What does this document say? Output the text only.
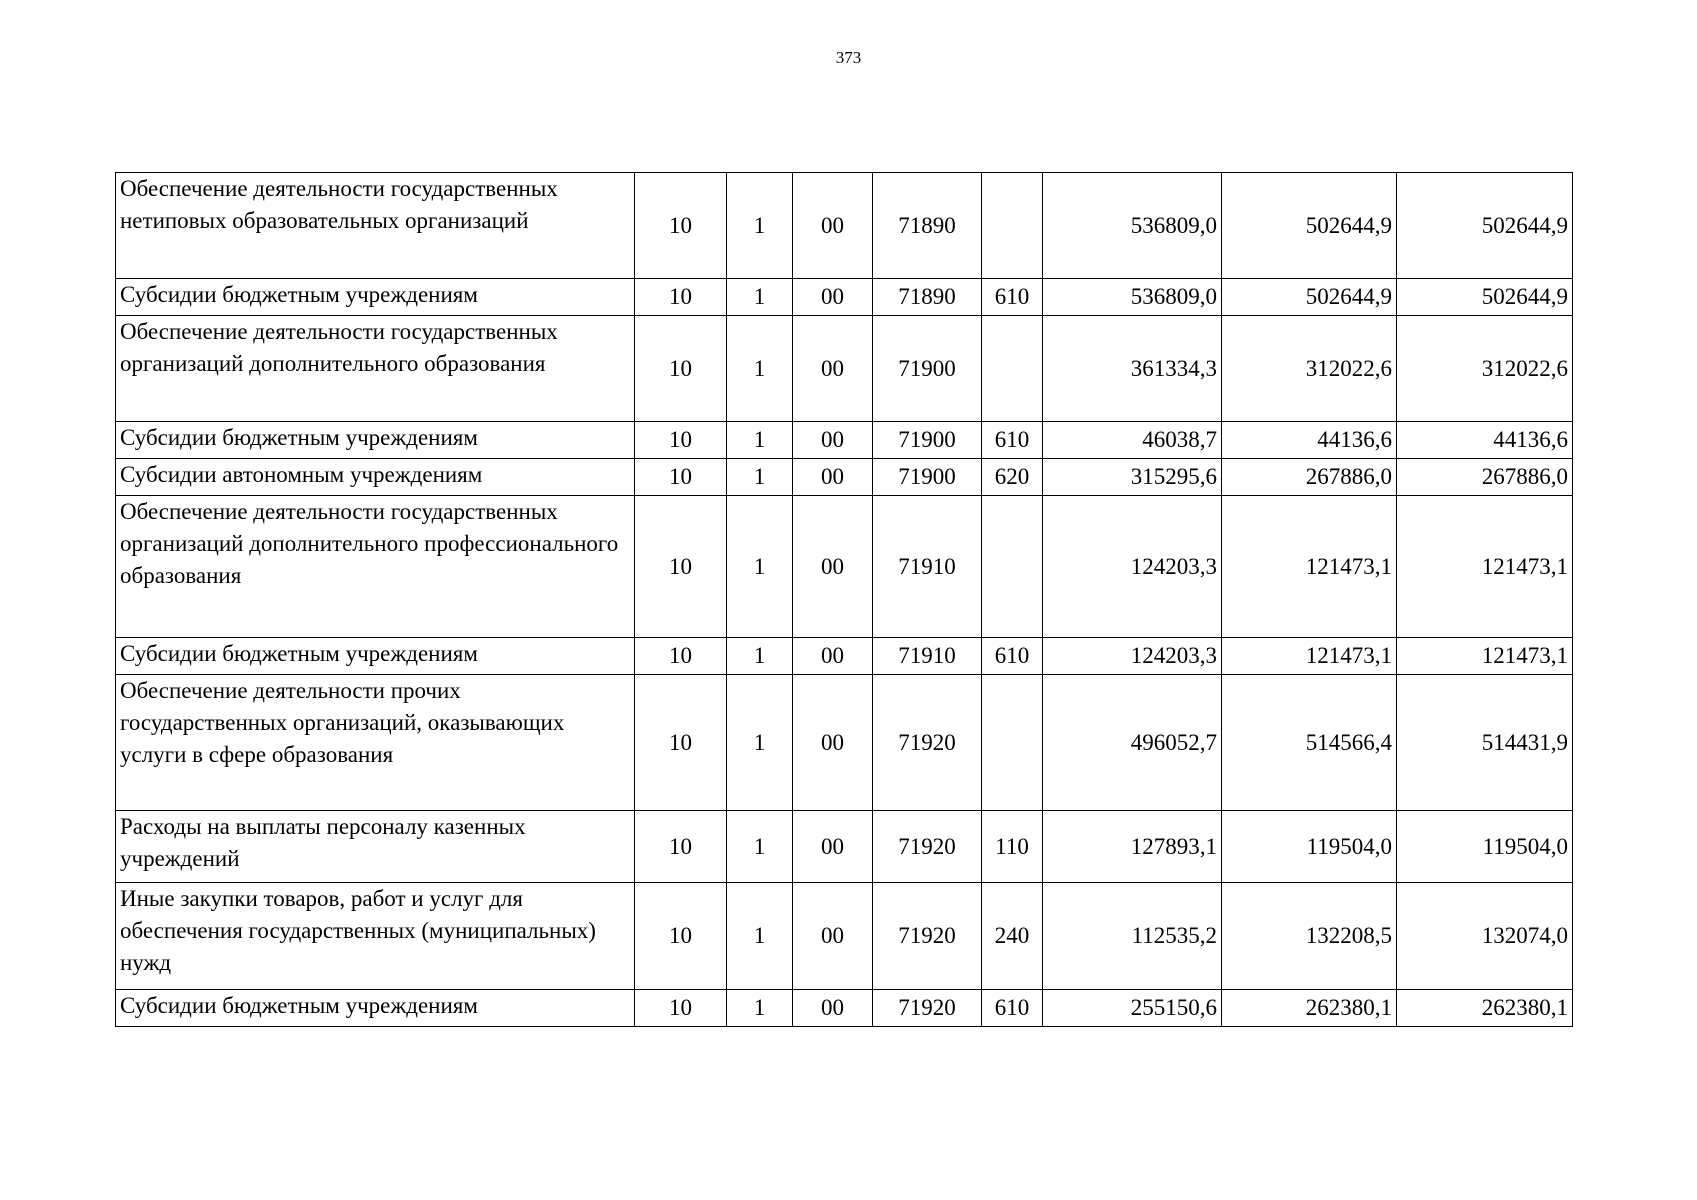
373
Обеспечение деятельности государственных нетиповых образовательных организаций	10	1	00	71890		536809,0	502644,9	502644,9
Субсидии бюджетным учреждениям	10	1	00	71890	610	536809,0	502644,9	502644,9
Обеспечение деятельности государственных организаций дополнительного образования	10	1	00	71900		361334,3	312022,6	312022,6
Субсидии бюджетным учреждениям	10	1	00	71900	610	46038,7	44136,6	44136,6
Субсидии автономным учреждениям	10	1	00	71900	620	315295,6	267886,0	267886,0
Обеспечение деятельности государственных организаций дополнительного профессионального образования	10	1	00	71910		124203,3	121473,1	121473,1
Субсидии бюджетным учреждениям	10	1	00	71910	610	124203,3	121473,1	121473,1
Обеспечение деятельности прочих государственных организаций, оказывающих услуги в сфере образования	10	1	00	71920		496052,7	514566,4	514431,9
Расходы на выплаты персоналу казенных учреждений	10	1	00	71920	110	127893,1	119504,0	119504,0
Иные закупки товаров, работ и услуг для обеспечения государственных (муниципальных) нужд	10	1	00	71920	240	112535,2	132208,5	132074,0
Субсидии бюджетным учреждениям	10	1	00	71920	610	255150,6	262380,1	262380,1
